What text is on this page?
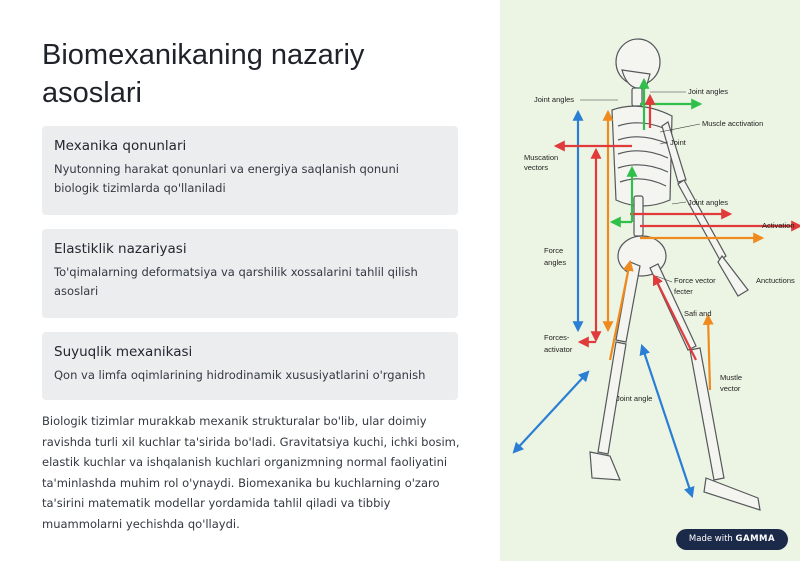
Biomexanikaning nazariy asoslari
Mexanika qonunlari
Nyutonning harakat qonunlari va energiya saqlanish qonuni biologik tizimlarda qo'llaniladi
Elastiklik nazariyasi
To'qimalarning deformatsiya va qarshilik xossalarini tahlil qilish asoslari
Suyuqlik mexanikasi
Qon va limfa oqimlarining hidrodinamik xususiyatlarini o'rganish

Biologik tizimlar murakkab mexanik strukturalar bo'lib, ular doimiy ravishda turli xil kuchlar ta'sirida bo'ladi. Gravitatsiya kuchi, ichki bosim, elastik kuchlar va ishqalanish kuchlari organizmning normal faoliyatini ta'minlashda muhim rol o'ynaydi. Biomexanika bu kuchlarning o'zaro ta'sirini matematik modellar yordamida tahlil qiladi va tibbiy muammolarni yechishda qo'llaydi.

Joint angles
Joint angles
Muscle acctivation
Joint
Muscation
vectors
Joint angles
Activation
Force
angles
Force vector
fecter
Anctuctions
Safi and
Forces-
activator
Mustle
vector
Joint angle
Made with GAMMA
